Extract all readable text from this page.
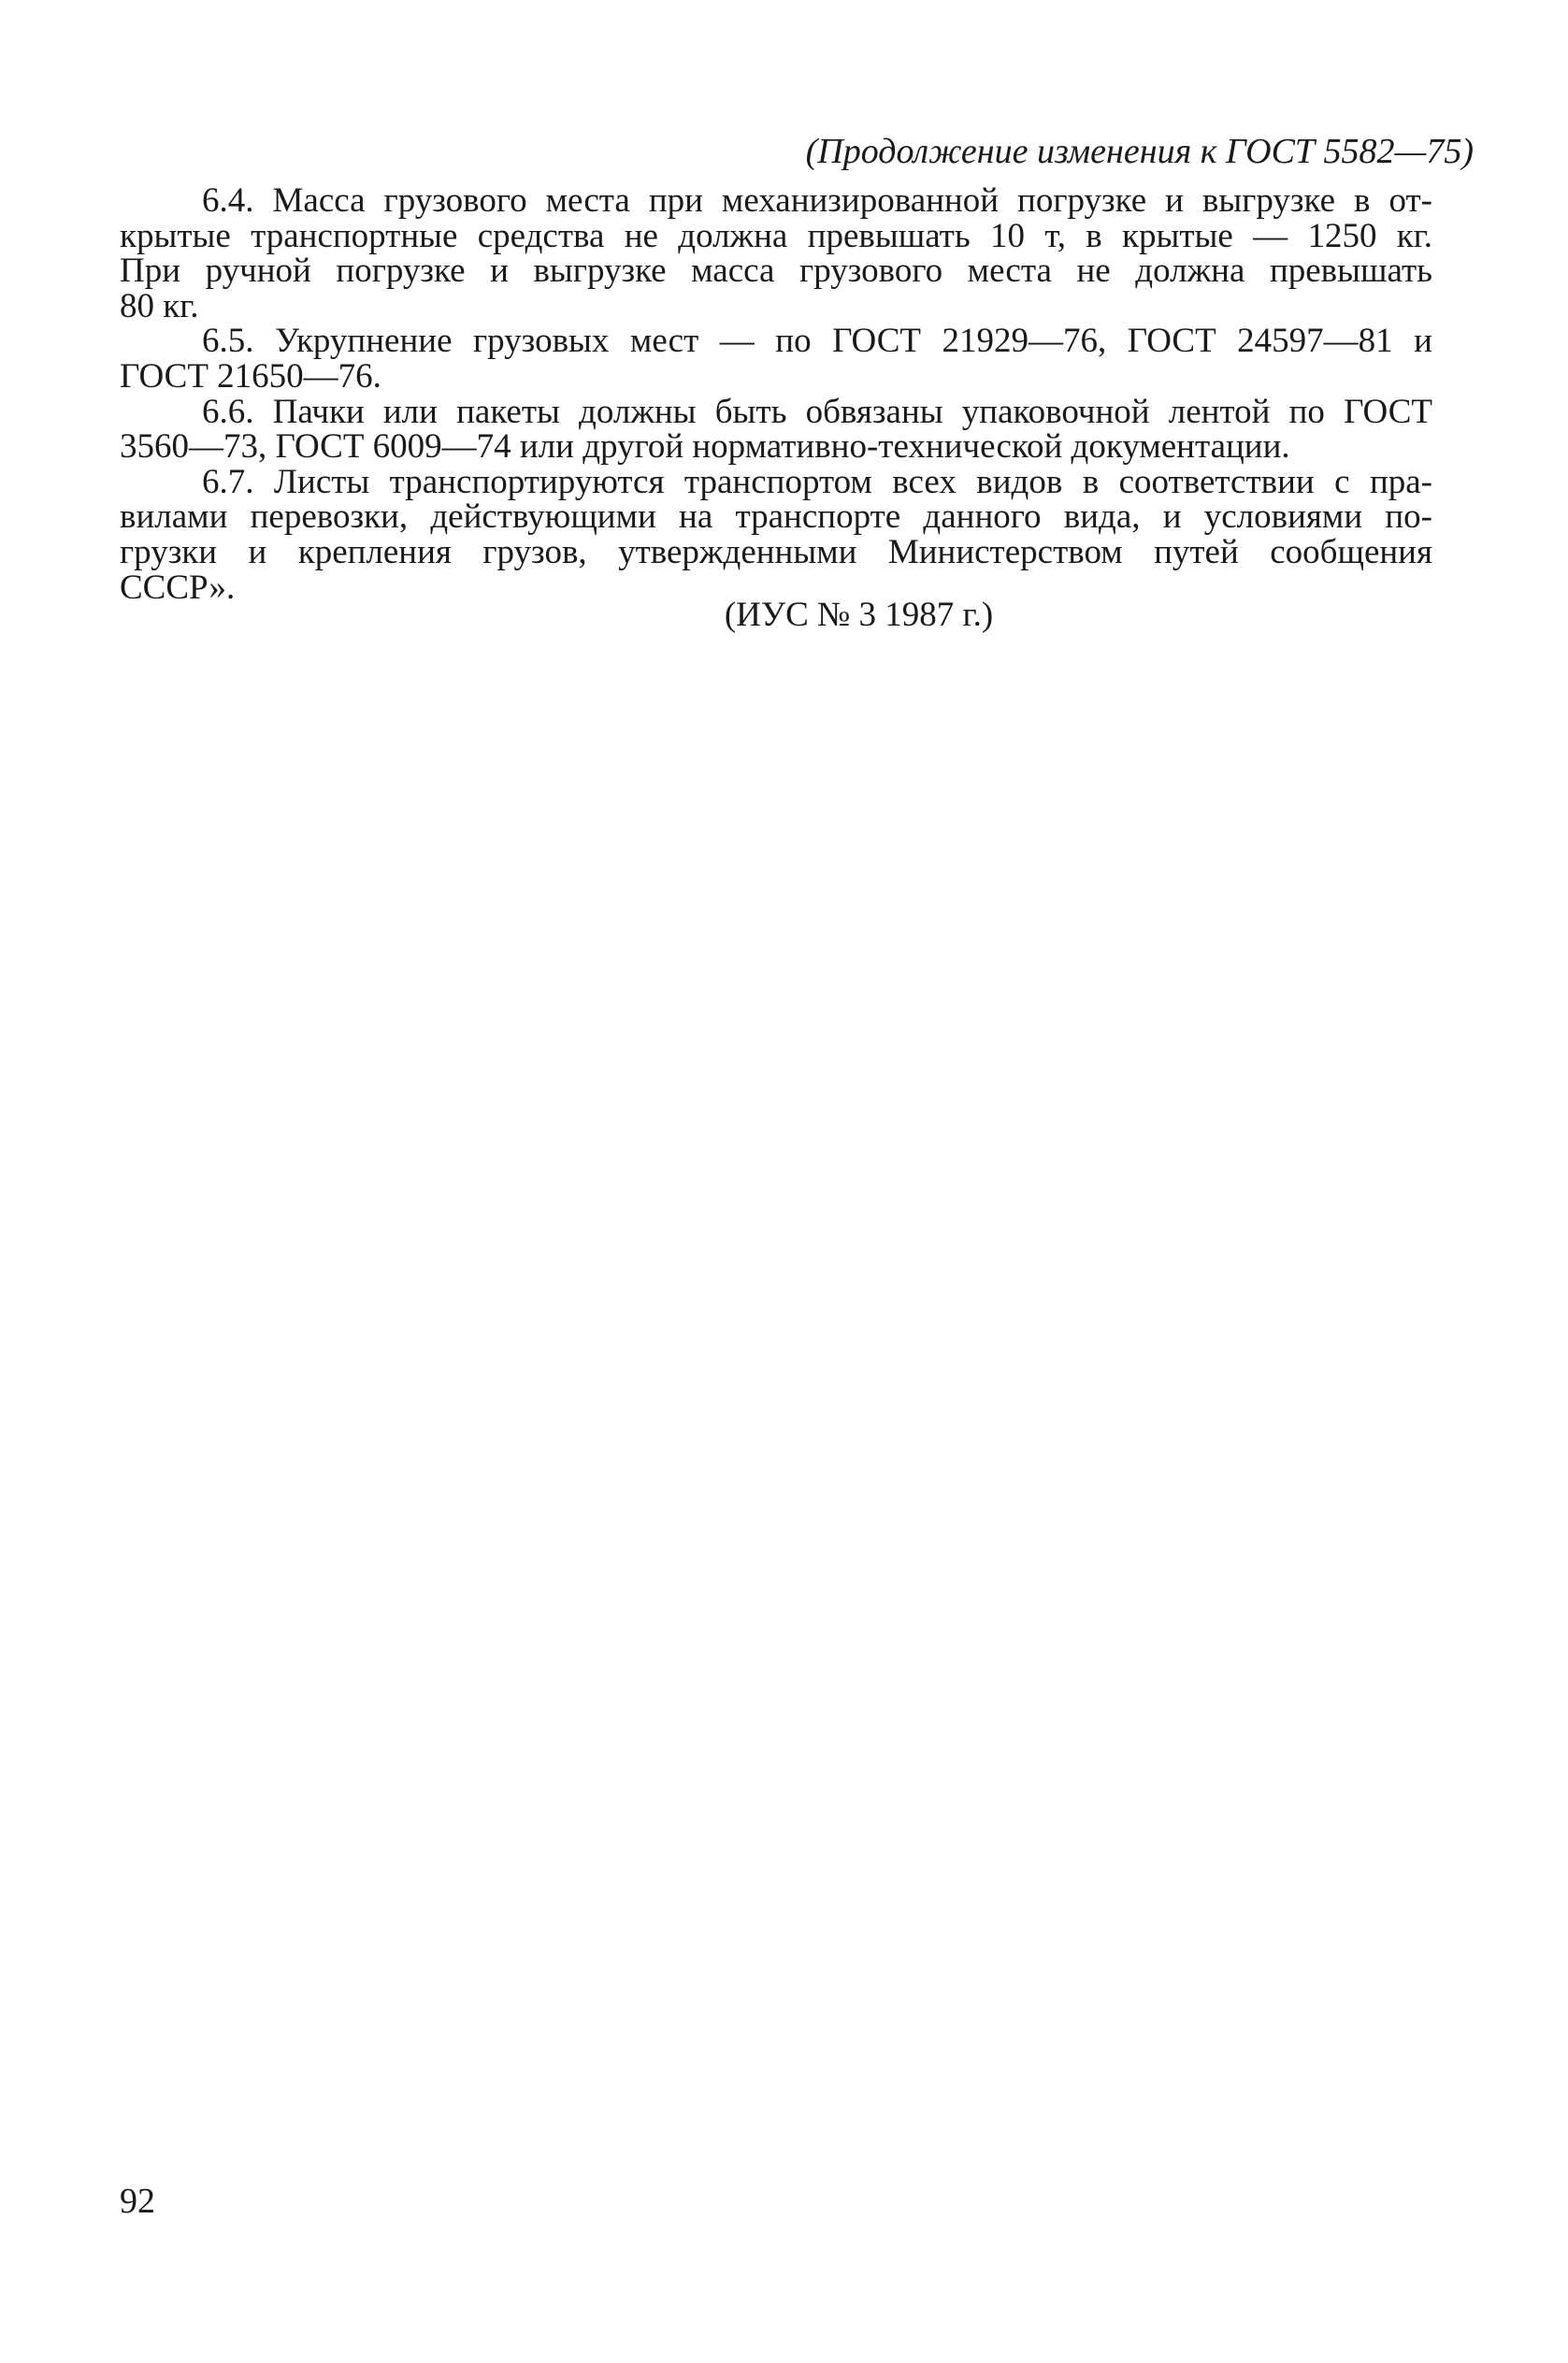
(Продолжение изменения к ГОСТ 5582—75)

6.4. Масса грузового места при механизированной погрузке и выгрузке в от-
крытые транспортные средства не должна превышать 10 т, в крытые — 1250 кг.
При ручной погрузке и выгрузке масса грузового места не должна превышать
80 кг.

6.5. Укрупнение грузовых мест — по ГОСТ 21929—76, ГОСТ 24597—81 и
ГОСТ 21650—76.

6.6. Пачки или пакеты должны быть обвязаны упаковочной лентой по ГОСТ
3560—73, ГОСТ 6009—74 или другой нормативно-технической документации.

6.7. Листы транспортируются транспортом всех видов в соответствии с пра-
вилами перевозки, действующими на транспорте данного вида, и условиями по-
грузки и крепления грузов, утвержденными Министерством путей сообщения
СССР».

(ИУС № 3 1987 г.)
92
